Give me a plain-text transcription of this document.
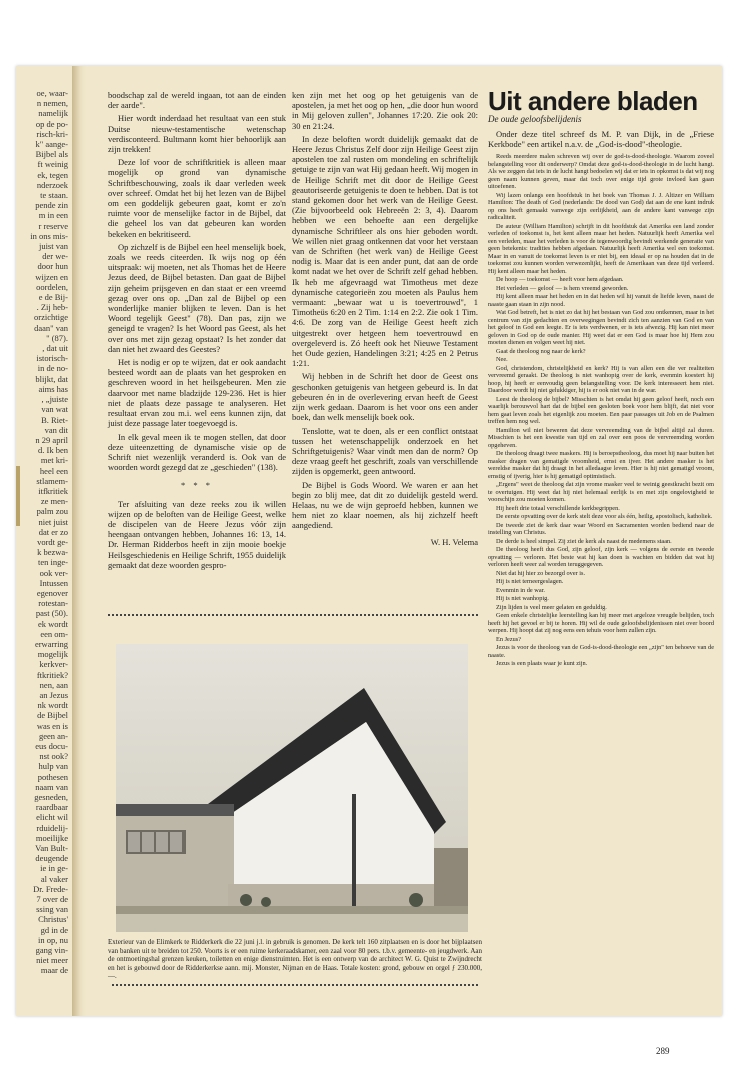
oe, waar-
n nemen,
namelijk
op de po-
risch-kri-
k" aange-
Bijbel als
ft weinig
ek, tegen
nderzoek
te staan.
pende zin
m in een
r reserve
in ons mis-
juist van
der we-
door hun
wijzen en
oordelen,
e de Bij-
. Zij heb-
orzichtige
daan" van
" (87).
, dat uit
istorisch-
in de no-
blijkt, dat
aims has
, „juiste
van wat
B. Riet-
van dit
n 29 april
d. Ik ben
met kri-
heel een
stlamem-
itfkritiek
ze men-
palm zou
niet juist
dat er zo
vordt ge-
k bezwa-
ten inge-
ook ver-
Intussen
egenover
rotestan-
past (50).
ek wordt
een om-
erwarring
mogelijk
kerkver-
ftkritiek?
nen, aan
an Jezus
nk wordt
de Bijbel
was en is
geen an-
eus docu-
nst ook?
hulp van
pothesen
naam van
gesneden,
raardbaar
elicht wil
rduidelij-
moeilijke
Van Bult-
deugende
ie in ge-
al vaker
Dr. Frede-
7 over de
ssing van
Christus'
gd in de
in op, nu
gang vin-
niet meer
maar de

boodschap zal de wereld ingaan, tot aan de einden der aarde".

Hier wordt inderdaad het resultaat van een stuk Duitse nieuw-testamentische wetenschap verdisconteerd. Bultmann komt hier behoorlijk aan zijn trekken!

Deze lof voor de schriftkritiek is alleen maar mogelijk op grond van dynamische Schriftbeschouwing, zoals ik daar verleden week over schreef. Omdat het bij het lezen van de Bijbel om een goddelijk gebeuren gaat, komt er zo'n ruimte voor de menselijke factor in de Bijbel, dat die geheel los van dat gebeuren kan worden bekeken en bekritiseerd.

Op zichzelf is de Bijbel een heel menselijk boek, zoals we reeds citeerden. Ik wijs nog op één uitspraak: wij moeten, net als Thomas het de Heere Jezus deed, de Bijbel betasten. Dan gaat de Bijbel zijn geheim prijsgeven en dan staat er een vreemd gezag over ons op. „Dan zal de Bijbel op een wonderlijke manier blijken te leven. Dan is het Woord tegelijk Geest" (78). Dan pas, zijn we geneigd te vragen? Is het Woord pas Geest, als het over ons met zijn gezag opstaat? Is het zonder dat dan niet het zwaard des Geestes?

Het is nodig er op te wijzen, dat er ook aandacht besteed wordt aan de plaats van het gesproken en geschreven woord in het heilsgebeuren. Men zie daarvoor met name bladzijde 129-236. Het is hier niet de plaats deze passage te analyseren. Het resultaat ervan zou m.i. wel eens kunnen zijn, dat juist deze passage later toegevoegd is.

In elk geval meen ik te mogen stellen, dat door deze uiteenzetting de dynamische visie op de Schrift niet wezenlijk veranderd is. Ook van de woorden wordt gezegd dat ze „geschieden" (138).

* * *

Ter afsluiting van deze reeks zou ik willen wijzen op de beloften van de Heilige Geest, welke de discipelen van de Heere Jezus vóór zijn heengaan ontvangen hebben, Johannes 16: 13, 14. Dr. Herman Ridderbos heeft in zijn mooie boekje Heilsgeschiedenis en Heilige Schrift, 1955 duidelijk gemaakt dat deze woorden gespro-

ken zijn met het oog op het getuigenis van de apostelen, ja met het oog op hen, „die door hun woord in Mij geloven zullen", Johannes 17:20. Zie ook 20: 30 en 21:24.

In deze beloften wordt duidelijk gemaakt dat de Heere Jezus Christus Zelf door zijn Heilige Geest zijn apostelen toe zal rusten om mondeling en schriftelijk getuige te zijn van wat Hij gedaan heeft. Wij mogen in de Heilige Schrift met dit door de Heilige Geest geautoriseerde getuigenis te doen te hebben. Dat is tot stand gekomen door het werk van de Heilige Geest. (Zie bijvoorbeeld ook Hebreeën 2: 3, 4). Daarom hebben we een behoefte aan een dergelijke dynamische Schriftleer als ons hier geboden wordt. We willen niet graag ontkennen dat voor het verstaan van de Schriften (het werk van) de Heilige Geest nodig is. Maar dat is een ander punt, dat aan de orde komt nadat we het over de Schrift zelf gehad hebben. Ik heb me afgevraagd wat Timotheus met deze dynamische categorieën zou moeten als Paulus hem vermaant: „bewaar wat u is toevertrouwd", 1 Timotheüs 6:20 en 2 Tim. 1:14 en 2:2. Zie ook 1 Tim. 4:6. De zorg van de Heilige Geest heeft zich uitgestrekt over hetgeen hem toevertrouwd en overgeleverd is. Zó heeft ook het Nieuwe Testament het Oude gezien, Handelingen 3:21; 4:25 en 2 Petrus 1:21.

Wij hebben in de Schrift het door de Geest ons geschonken getuigenis van hetgeen gebeurd is. In dat gebeuren én in de overlevering ervan heeft de Geest zijn werk gedaan. Daarom is het voor ons een ander boek, dan welk menselijk boek ook.

Tenslotte, wat te doen, als er een conflict ontstaat tussen het wetenschappelijk onderzoek en het Schriftgetuigenis? Waar vindt men dan de norm? Op deze vraag geeft het geschrift, zoals van verschillende zijden is opgemerkt, geen antwoord.

De Bijbel is Gods Woord. We waren er aan het begin zo blij mee, dat dit zo duidelijk gesteld werd. Helaas, nu we de wijn geproefd hebben, kunnen we hem niet zo klaar noemen, als hij zichzelf heeft aangediend.

W. H. Velema
Exterieur van de Elimkerk te Ridderkerk die 22 juni j.l. in gebruik is genomen. De kerk telt 160 zitplaatsen en is door het bijplaatsen van banken uit te breiden tot 250. Voorts is er een ruime kerkeraadskamer, een zaal voor 80 pers. t.b.v. gemeente- en jeugdwerk. Aan de ontmoetingshal grenzen keuken, toiletten en enige dienstruimten. Het is een ontwerp van de architect W. G. Quist te Zwijndrecht en het is gebouwd door de Ridderkerkse aann. mij. Monster, Nijman en de Haas. Totale kosten: grond, gebouw en orgel ƒ 230.000,—.
Uit andere bladen
De oude geloofsbelijdenis

Onder deze titel schreef ds M. P. van Dijk, in de „Friese Kerkbode" een artikel n.a.v. de „God-is-dood"-theologie.

Reeds meerdere malen schreven wij over de god-is-dood-theologie. Waarom zoveel belangstelling voor dit onderwerp? Omdat deze god-is-dood-theologie in de lucht hangt. Als we zeggen dat iets in de lucht hangt bedoelen wij dat er iets in opkomst is dat wij nog geen naam kunnen geven, maar dat toch over enige tijd grote invloed kan gaan uitoefenen.

Wij lazen onlangs een hoofdstuk in het boek van Thomas J. J. Altizer en William Hamilton: The death of God (nederlands: De dood van God) dat aan de ene kant indruk op ons heeft gemaakt vanwege zijn eerlijkheid, aan de andere kant vanwege zijn radicaliteit.

De auteur (William Hamilton) schrijft in dit hoofdstuk dat Amerika een land zonder verleden of toekomst is, het kent alleen maar het heden. Natuurlijk heeft Amerika wel een verleden, maar het verleden is voor de tegenwoordig bevindt werkende generatie van geen betekenis: tradities hebben afgedaan. Natuurlijk heeft Amerika wel een toekomst. Maar in en vanuit de toekomst leven is er niet bij, een ideaal er op na houden dat in de toekomst zou kunnen worden verwezenlijkt, heeft de Amerikaan van deze tijd verleerd. Hij kent alleen maar het heden.

De hoop — toekomst — heeft voor hem afgedaan.

Het verleden — geloof — is hem vreemd geworden.

Hij kent alleen maar het heden en in dat heden wil hij vanuit de liefde leven, naast de naaste gaan staan in zijn nood.

Wat God betreft, het is niet zo dat hij het bestaan van God zou ontkennen, maar in het centrum van zijn gedachten en overwegingen bevindt zich ten aanzien van God en van het geloof in God een leegte. Er is iets verdwenen, er is iets afwezig. Hij kan niet meer geloven in God op de oude manier. Hij weet dat er een God is maar hoe hij Hem zou moeten dienen en volgen weet hij niet.

Gaat de theoloog nog naar de kerk?

Nee.

God, christendom, christelijkheid en kerk? Hij is van allen een die ver realiteiten vervreemd geraakt. De theoloog is niet wanhopig over de kerk, evenmin koestert hij hoop, hij heeft er eenvoudig geen belangstelling voor. De kerk interesseert hem niet. Daardoor wordt hij niet gelukkiger, hij is er ook niet van in de war.

Leest de theoloog de bijbel? Misschien is het omdat hij geen geloof heeft, noch een waarlijk berouwvol hart dat de bijbel een gesloten boek voor hem blijft, dat niet voor hem gaat leven zoals het eigenlijk zou moeten. Een paar passages uit Job en de Psalmen treffen hem nog wel.

Hamilton wil niet beweren dat deze vervreemding van de bijbel altijd zal duren. Misschien is het een kwestie van tijd en zal over een poos de vervreemding worden opgeheven.

De theoloog draagt twee maskers. Hij is beroepstheoloog, dus moet hij naar buiten het masker dragen van gematigde vroomheid, ernst en ijver. Het andere masker is het wereldse masker dat hij draagt in het alledaagse leven. Hier is hij niet gematigd vroom, ernstig of ijverig, hier is hij gematigd optimistisch.

„Ergens" weet de theoloog dat zijn vrome masker veel te weinig geestkracht bezit om te overtuigen. Hij weet dat hij niet helemaal eerlijk is en met zijn ongelovigheid te voorschijn zou moeten komen.

Hij heeft drie totaal verschillende kerkbegrippen.

De eerste opvatting over de kerk stelt deze voor als één, heilig, apostolisch, katholiek.

De tweede ziet de kerk daar waar Woord en Sacramenten worden bediend naar de instelling van Christus.

De derde is heel simpel. Zij ziet de kerk als naast de medemens staan.

De theoloog heeft dus God, zijn geloof, zijn kerk — volgens de eerste en tweede opvatting — verloren. Het beste wat hij kan doen is wachten en bidden dat wat hij verloren heeft weer zal worden teruggegeven.

Niet dat hij hier zo bezorgd over is.

Hij is niet terneergeslagen.

Evenmin in de war.

Hij is niet wanhopig.

Zijn lijden is veel meer gelaten en geduldig.

Geen enkele christelijke leerstelling kan hij meer met argeloze vreugde belijden, toch heeft hij het gevoel er bij te horen. Hij wil de oude geloofsbelijdenissen niet over boord werpen. Hij hoopt dat zij nog eens een tehuis voor hem zullen zijn.

En Jezus?

Jezus is voor de theoloog van de God-is-dood-theologie een „zijn" ten behoeve van de naaste.

Jezus is een plaats waar je kunt zijn.

289
